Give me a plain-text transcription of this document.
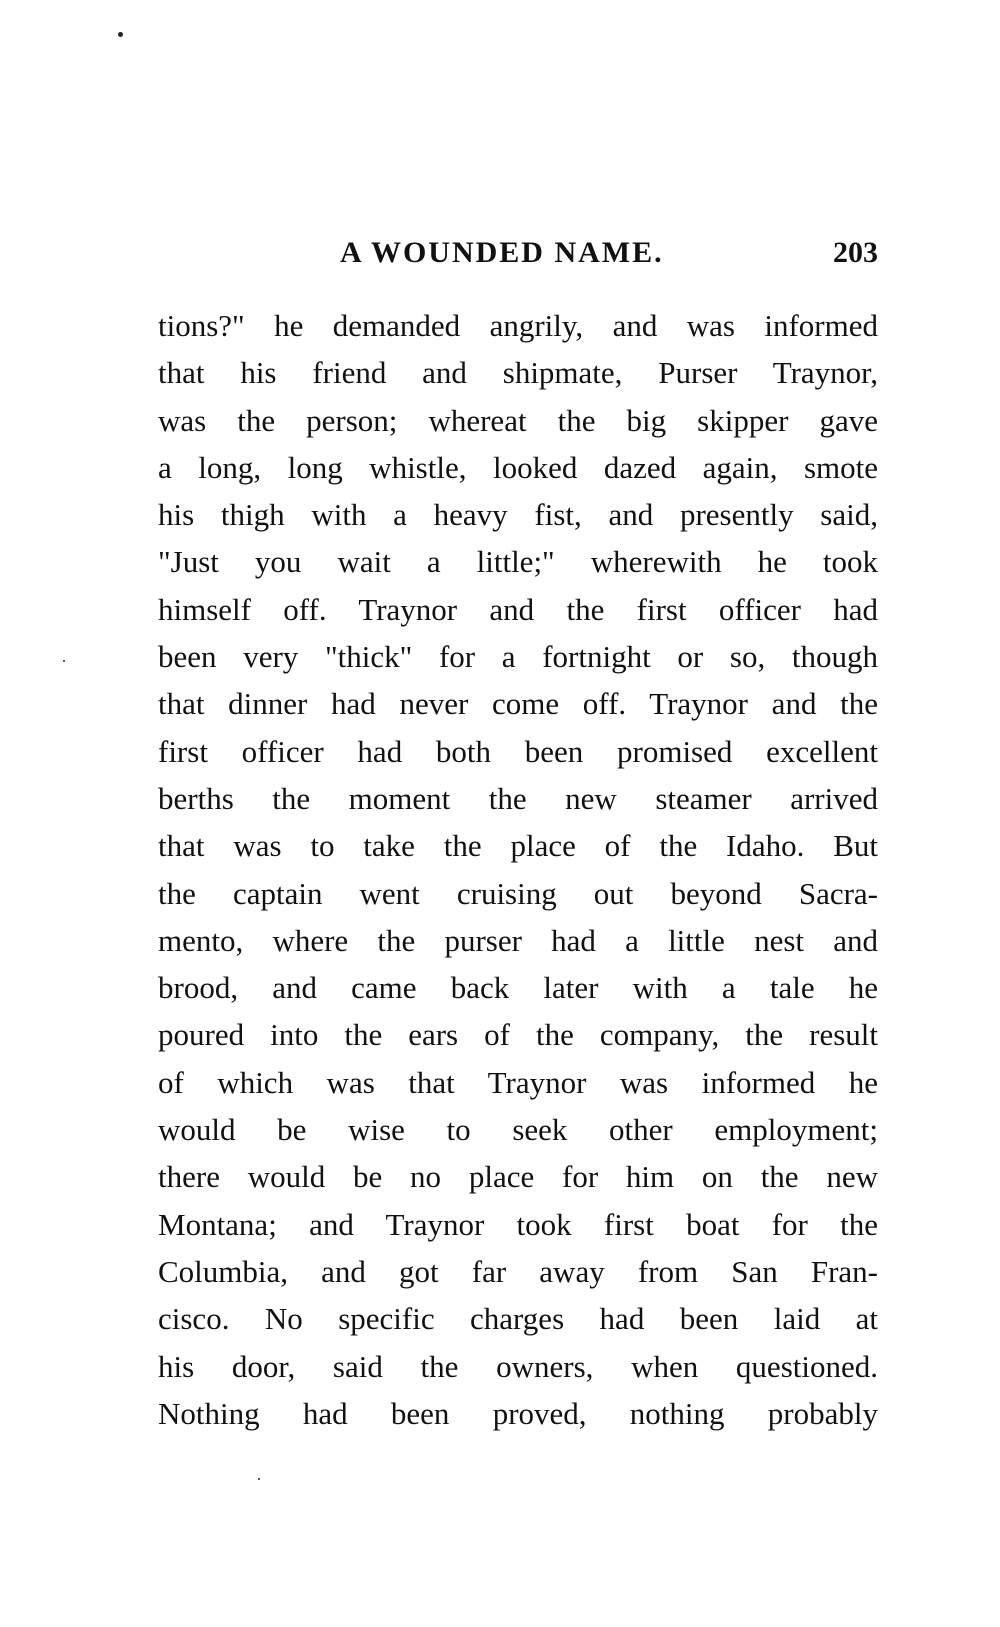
A WOUNDED NAME.	203
tions?" he demanded angrily, and was informed
that his friend and shipmate, Purser Traynor,
was the person; whereat the big skipper gave
a long, long whistle, looked dazed again, smote
his thigh with a heavy fist, and presently said,
"Just you wait a little;" wherewith he took
himself off. Traynor and the first officer had
been very "thick" for a fortnight or so, though
that dinner had never come off. Traynor and the
first officer had both been promised excellent
berths the moment the new steamer arrived
that was to take the place of the Idaho. But
the captain went cruising out beyond Sacra-
mento, where the purser had a little nest and
brood, and came back later with a tale he
poured into the ears of the company, the result
of which was that Traynor was informed he
would be wise to seek other employment;
there would be no place for him on the new
Montana; and Traynor took first boat for the
Columbia, and got far away from San Fran-
cisco. No specific charges had been laid at
his door, said the owners, when questioned.
Nothing had been proved, nothing probably
